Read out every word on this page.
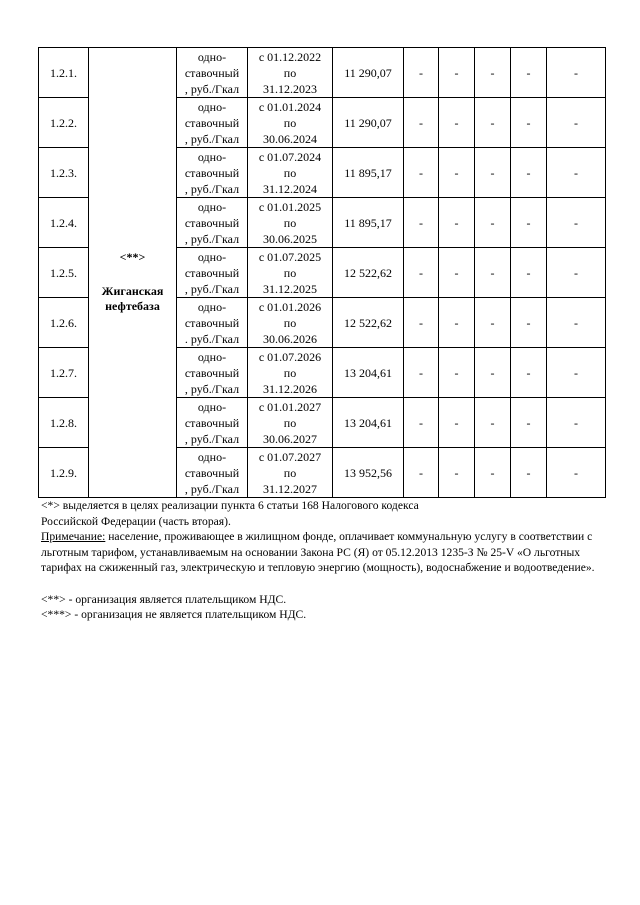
1.2.1.	<**>
Жиганская нефтебаза	одно-
ставочный
, руб./Гкал	с 01.12.2022
по
31.12.2023	11 290,07	-	-	-	-	-
1.2.2.		одно-
ставочный
, руб./Гкал	с 01.01.2024
по
30.06.2024	11 290,07	-	-	-	-	-
1.2.3.		одно-
ставочный
, руб./Гкал	с 01.07.2024
по
31.12.2024	11 895,17	-	-	-	-	-
1.2.4.		одно-
ставочный
, руб./Гкал	с 01.01.2025
по
30.06.2025	11 895,17	-	-	-	-	-
1.2.5.		одно-
ставочный
, руб./Гкал	с 01.07.2025
по
31.12.2025	12 522,62	-	-	-	-	-
1.2.6.		одно-
ставочный
. руб./Гкал	с 01.01.2026
по
30.06.2026	12 522,62	-	-	-	-	-
1.2.7.		одно-
ставочный
, руб./Гкал	с 01.07.2026
по
31.12.2026	13 204,61	-	-	-	-	-
1.2.8.		одно-
ставочный
, руб./Гкал	с 01.01.2027
по
30.06.2027	13 204,61	-	-	-	-	-
1.2.9.		одно-
ставочный
, руб./Гкал	с 01.07.2027
по
31.12.2027	13 952,56	-	-	-	-	-

<*> выделяется в целях реализации пункта 6 статьи 168 Налогового кодекса

Российской Федерации (часть вторая).

Примечание: население, проживающее в жилищном фонде, оплачивает коммунальную услугу в соответствии с льготным тарифом, устанавливаемым на основании Закона РС (Я) от 05.12.2013 1235-З № 25-V «О льготных тарифах на сжиженный газ, электрическую и тепловую энергию (мощность), водоснабжение и водоотведение».

<**> - организация является плательщиком НДС.

<***> - организация не является плательщиком НДС.
